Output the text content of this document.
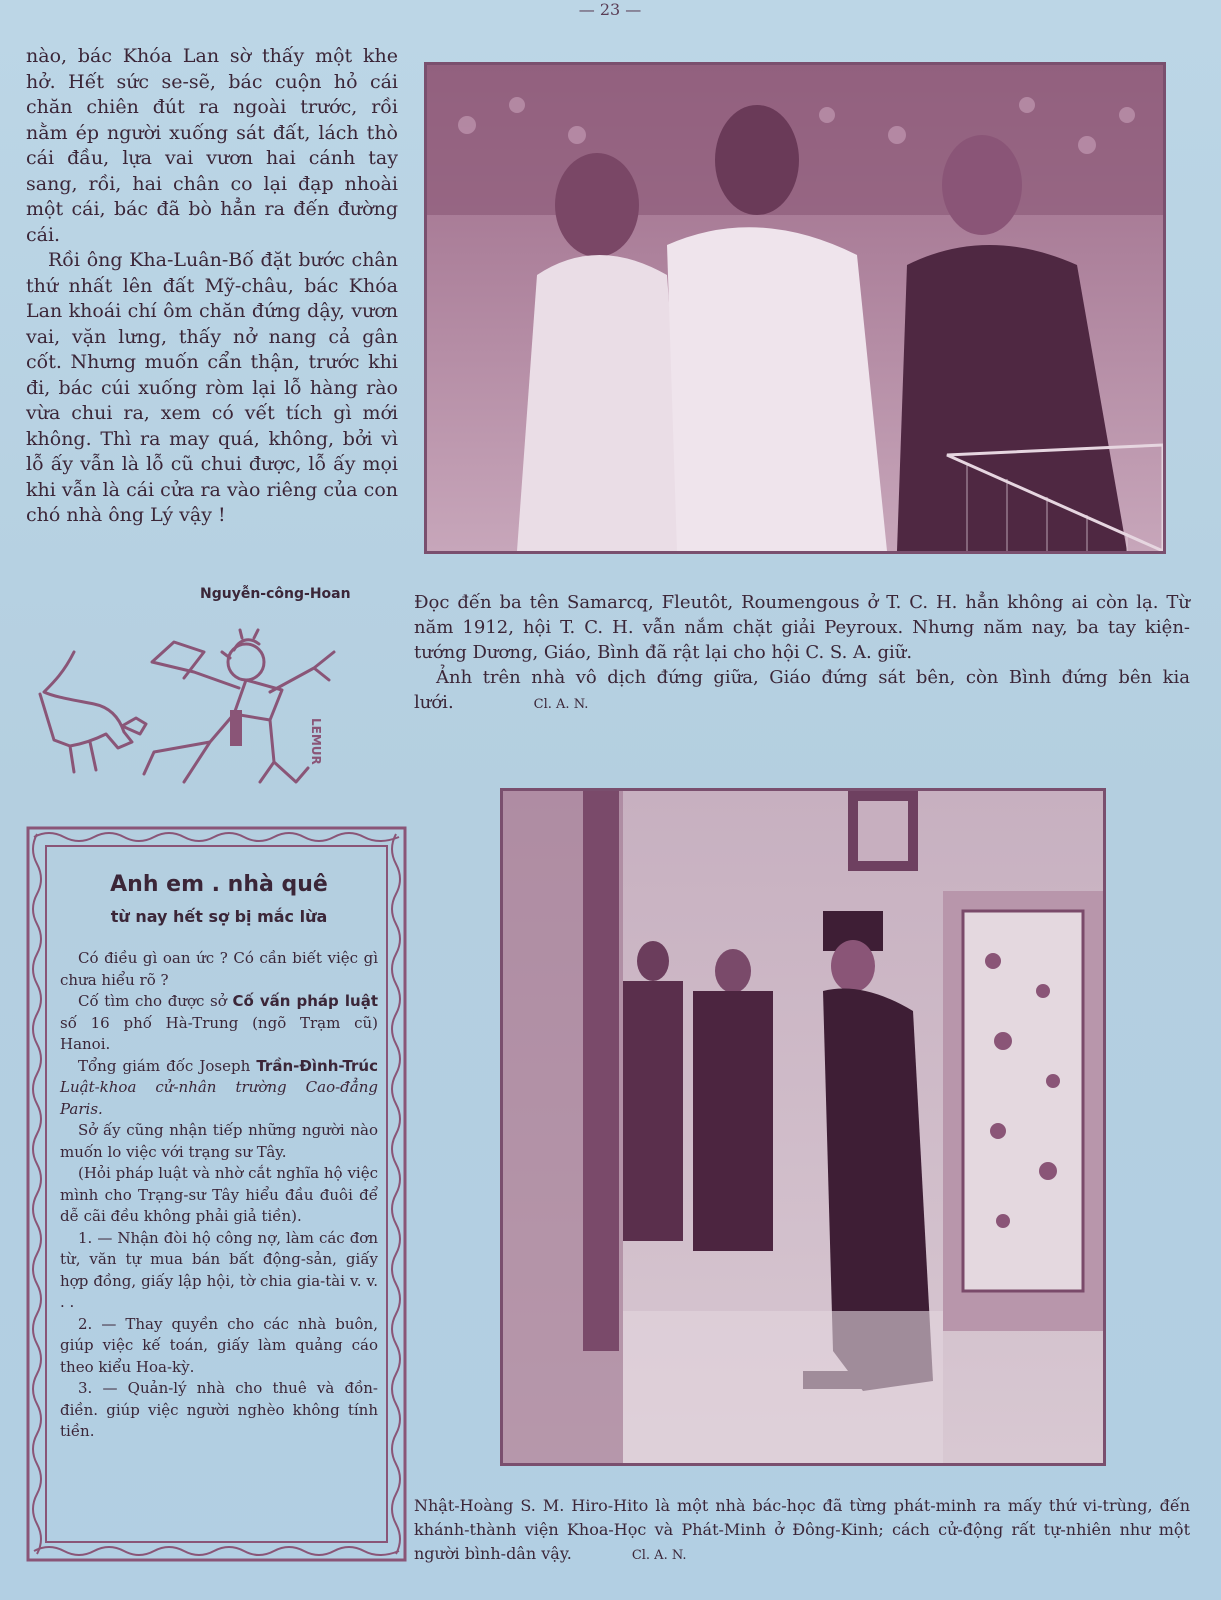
— 23 —

nào, bác Khóa Lan sờ thấy một khe hở. Hết sức se-sẽ, bác cuộn hỏ cái chăn chiên đút ra ngoài trước, rồi nằm ép người xuống sát đất, lách thò cái đầu, lựa vai vươn hai cánh tay sang, rồi, hai chân co lại đạp nhoài một cái, bác đã bò hẳn ra đến đường cái.

Rồi ông Kha-Luân-Bố đặt bước chân thứ nhất lên đất Mỹ-châu, bác Khóa Lan khoái chí ôm chăn đứng dậy, vươn vai, vặn lưng, thấy nở nang cả gân cốt. Nhưng muốn cẩn thận, trước khi đi, bác cúi xuống ròm lại lỗ hàng rào vừa chui ra, xem có vết tích gì mới không. Thì ra may quá, không, bởi vì lỗ ấy vẫn là lỗ cũ chui được, lỗ ấy mọi khi vẫn là cái cửa ra vào riêng của con chó nhà ông Lý vậy !

Nguyễn-công-Hoan
LEMUR

Đọc đến ba tên Samarcq, Fleutôt, Roumengous ở T. C. H. hẳn không ai còn lạ. Từ năm 1912, hội T. C. H. vẫn nắm chặt giải Peyroux. Nhưng năm nay, ba tay kiện-tướng Dương, Giáo, Bình đã rật lại cho hội C. S. A. giữ.

Ảnh trên nhà vô dịch đứng giữa, Giáo đứng sát bên, còn Bình đứng bên kia lưới.	Cl. A. N.

Nhật-Hoàng S. M. Hiro-Hito là một nhà bác-học đã từng phát-minh ra mấy thứ vi-trùng, đến khánh-thành viện Khoa-Học và Phát-Minh ở Đông-Kinh; cách cử-động rất tự-nhiên như một người bình-dân vậy.	Cl. A. N.
Anh em . nhà quê
từ nay hết sợ bị mắc lừa

Có điều gì oan ức ? Có cần biết việc gì chưa hiểu rõ ?

Cố tìm cho được sở Cố vấn pháp luật số 16 phố Hà-Trung (ngõ Trạm cũ) Hanoi.

Tổng giám đốc Joseph Trần-Đình-Trúc Luật-khoa cử-nhân trường Cao-đẳng Paris.

Sở ấy cũng nhận tiếp những người nào muốn lo việc với trạng sư Tây.

(Hỏi pháp luật và nhờ cắt nghĩa hộ việc mình cho Trạng-sư Tây hiểu đầu đuôi để dễ cãi đều không phải giả tiền).

1. — Nhận đòi hộ công nợ, làm các đơn từ, văn tự mua bán bất động-sản, giấy hợp đồng, giấy lập hội, tờ chia gia-tài v. v. . .

2. — Thay quyền cho các nhà buôn, giúp việc kế toán, giấy làm quảng cáo theo kiểu Hoa-kỳ.

3. — Quản-lý nhà cho thuê và đồn-điền. giúp việc người nghèo không tính tiền.
